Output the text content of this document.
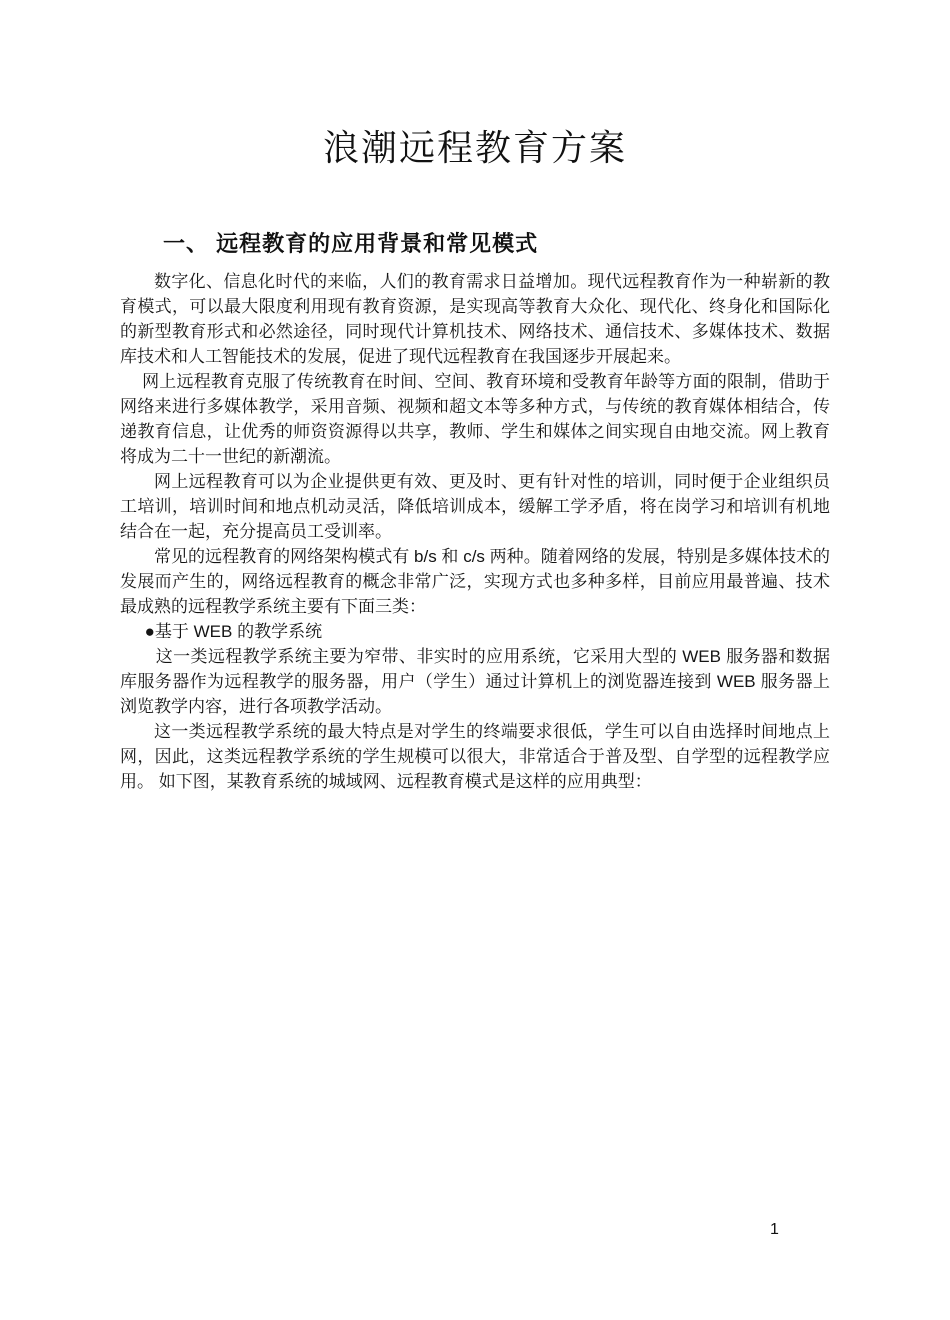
浪潮远程教育方案
一、 远程教育的应用背景和常见模式

数字化、信息化时代的来临，人们的教育需求日益增加。现代远程教育作为一种崭新的教育模式，可以最大限度利用现有教育资源，是实现高等教育大众化、现代化、终身化和国际化的新型教育形式和必然途径，同时现代计算机技术、网络技术、通信技术、多媒体技术、数据库技术和人工智能技术的发展，促进了现代远程教育在我国逐步开展起来。

网上远程教育克服了传统教育在时间、空间、教育环境和受教育年龄等方面的限制，借助于网络来进行多媒体教学，采用音频、视频和超文本等多种方式，与传统的教育媒体相结合，传递教育信息，让优秀的师资资源得以共享，教师、学生和媒体之间实现自由地交流。网上教育将成为二十一世纪的新潮流。

网上远程教育可以为企业提供更有效、更及时、更有针对性的培训，同时便于企业组织员工培训，培训时间和地点机动灵活，降低培训成本，缓解工学矛盾，将在岗学习和培训有机地结合在一起，充分提高员工受训率。

常见的远程教育的网络架构模式有 b/s 和 c/s 两种。随着网络的发展，特别是多媒体技术的发展而产生的，网络远程教育的概念非常广泛，实现方式也多种多样，目前应用最普遍、技术最成熟的远程教学系统主要有下面三类：

●基于 WEB 的教学系统

这一类远程教学系统主要为窄带、非实时的应用系统，它采用大型的 WEB 服务器和数据库服务器作为远程教学的服务器，用户（学生）通过计算机上的浏览器连接到 WEB 服务器上浏览教学内容，进行各项教学活动。

这一类远程教学系统的最大特点是对学生的终端要求很低，学生可以自由选择时间地点上网，因此，这类远程教学系统的学生规模可以很大，非常适合于普及型、自学型的远程教学应用。 如下图，某教育系统的城域网、远程教育模式是这样的应用典型：

1
